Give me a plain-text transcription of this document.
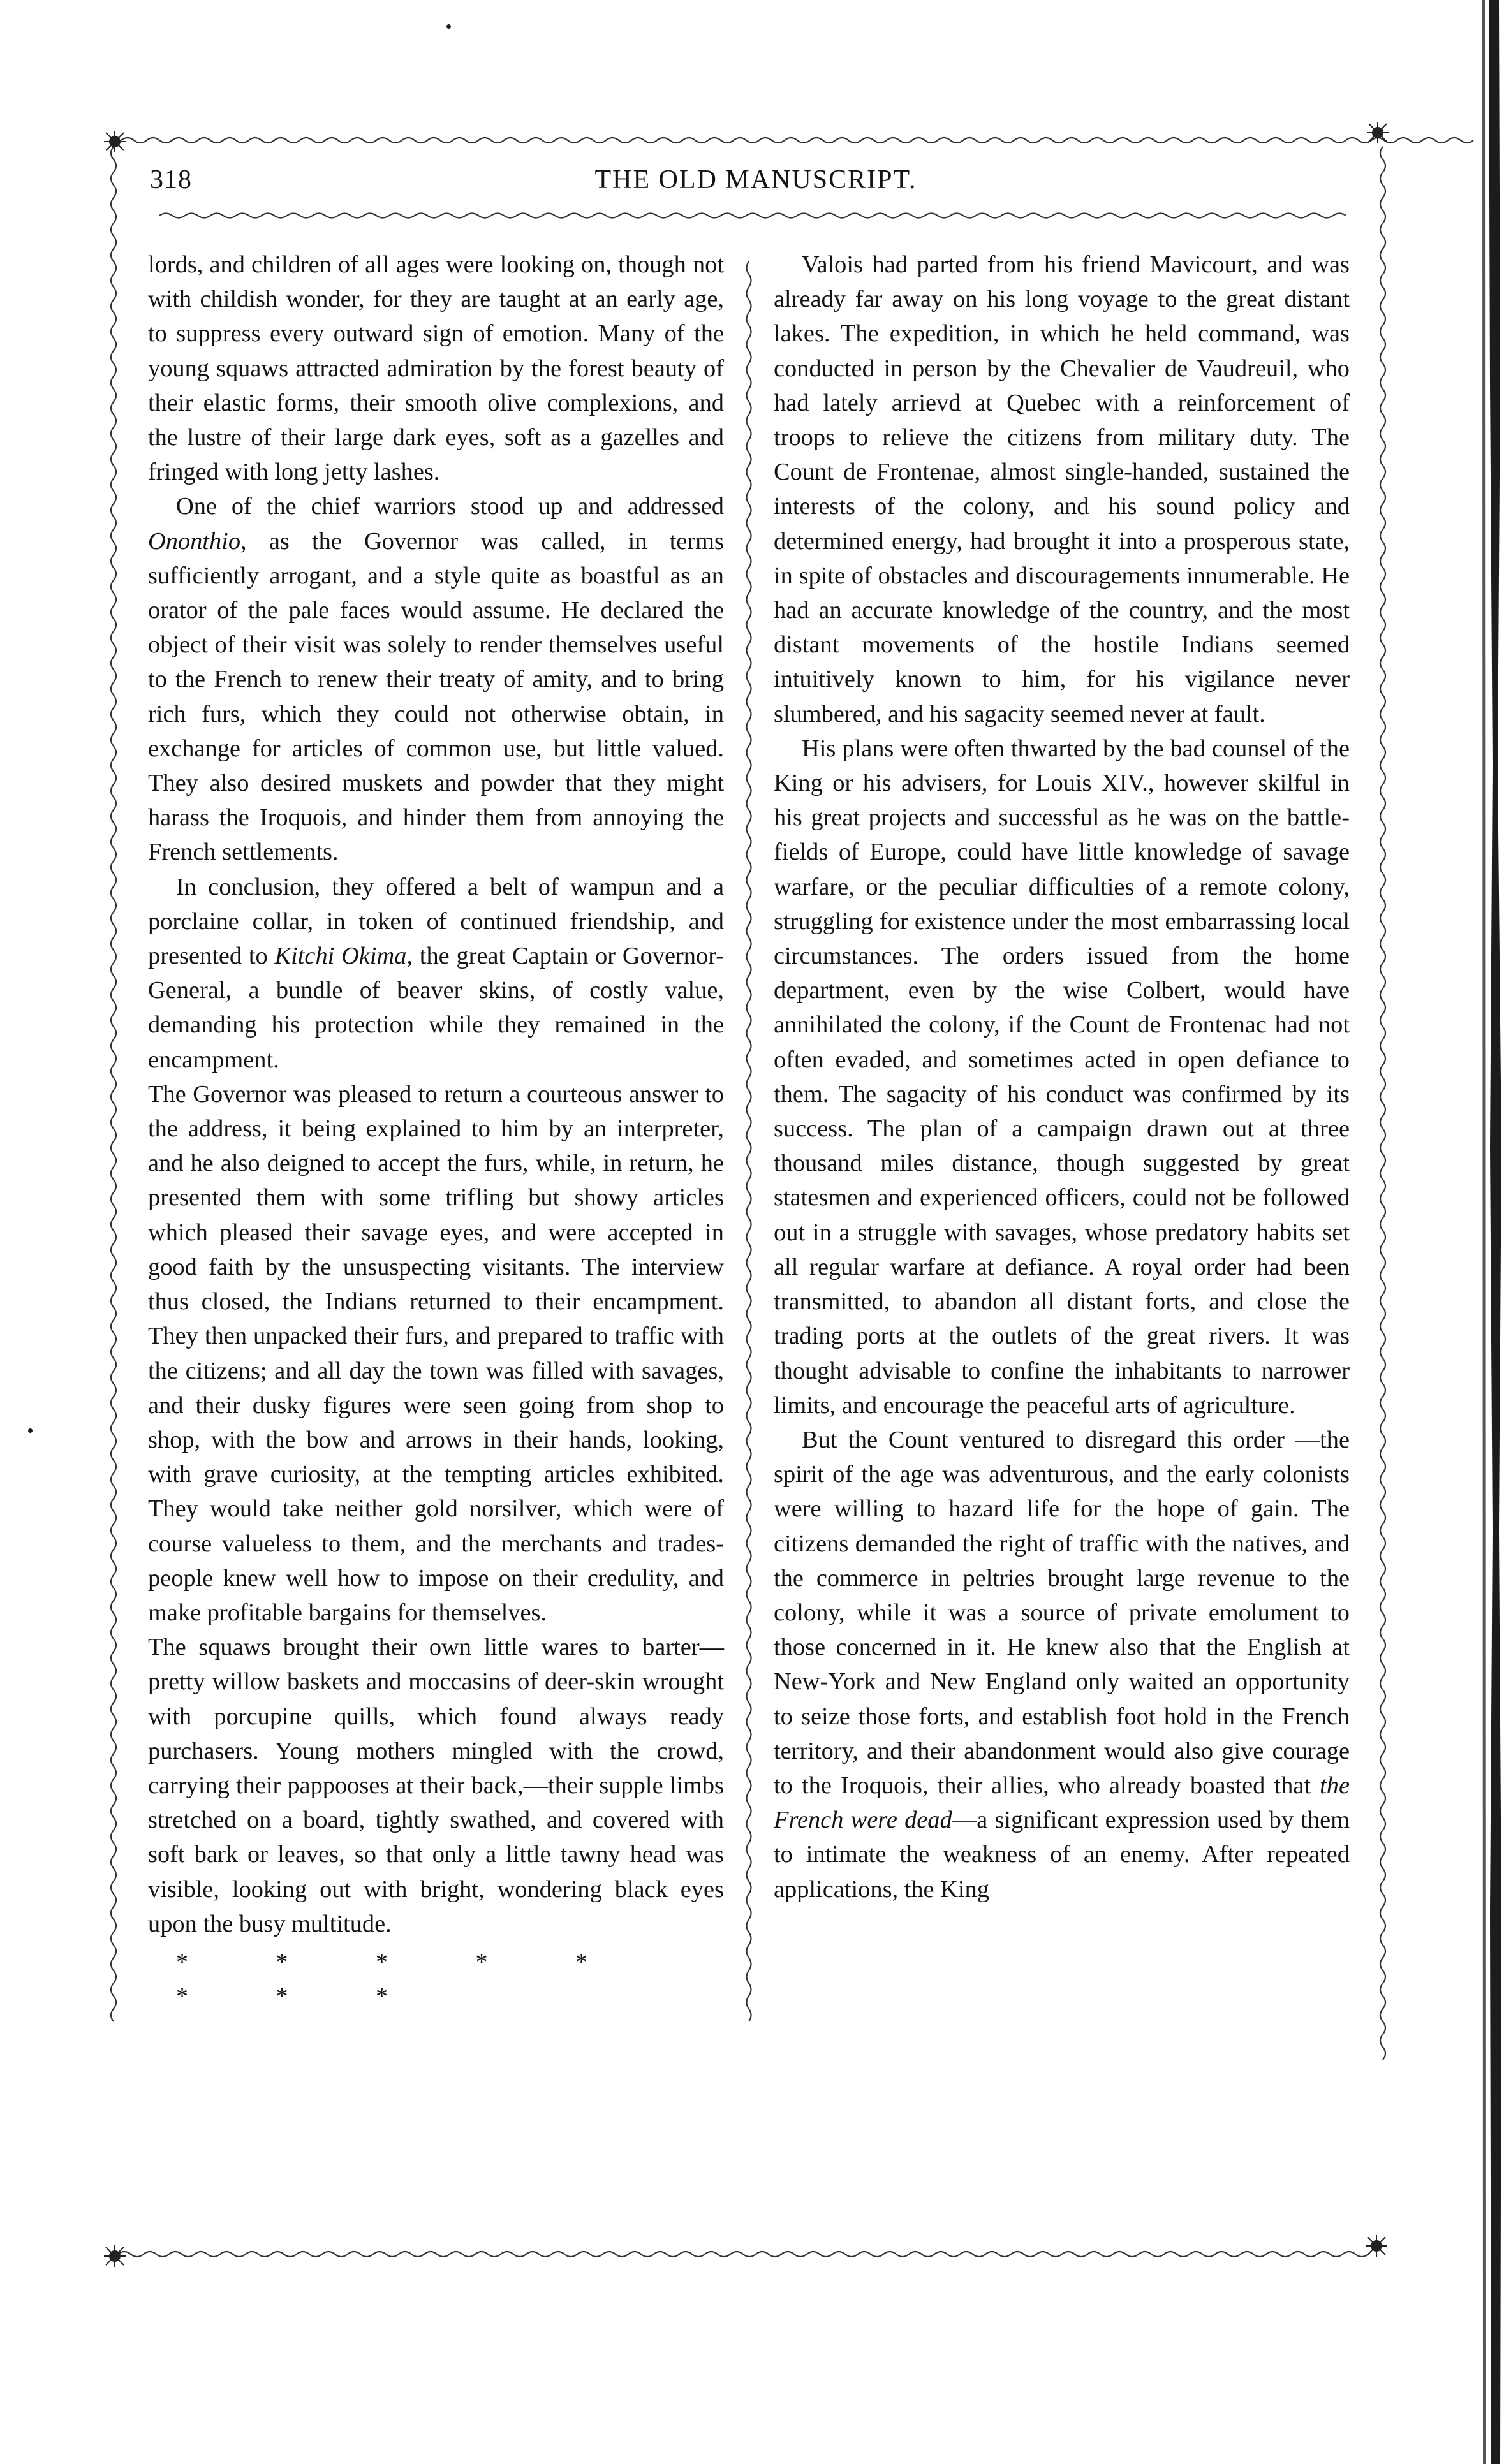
318	THE OLD MANUSCRIPT.

lords, and children of all ages were looking on, though not with childish wonder, for they are taught at an early age, to suppress every outward sign of emotion. Many of the young squaws attracted admiration by the forest beauty of their elastic forms, their smooth olive complexions, and the lustre of their large dark eyes, soft as a gazelles and fringed with long jetty lashes.

One of the chief warriors stood up and addressed Ononthio, as the Governor was called, in terms sufficiently arrogant, and a style quite as boastful as an orator of the pale faces would assume. He declared the object of their visit was solely to render themselves useful to the French to renew their treaty of amity, and to bring rich furs, which they could not otherwise obtain, in exchange for articles of common use, but little valued. They also desired muskets and powder that they might harass the Iroquois, and hinder them from annoying the French settlements.

In conclusion, they offered a belt of wampun and a porclaine collar, in token of continued friendship, and presented to Kitchi Okima, the great Captain or Governor-General, a bundle of beaver skins, of costly value, demanding his protection while they remained in the encampment.

The Governor was pleased to return a courteous answer to the address, it being explained to him by an interpreter, and he also deigned to accept the furs, while, in return, he presented them with some trifling but showy articles which pleased their savage eyes, and were accepted in good faith by the unsuspecting visitants. The interview thus closed, the Indians returned to their encampment. They then unpacked their furs, and prepared to traffic with the citizens; and all day the town was filled with savages, and their dusky figures were seen going from shop to shop, with the bow and arrows in their hands, looking, with grave curiosity, at the tempting articles exhibited. They would take neither gold norsilver, which were of course valueless to them, and the merchants and trades-people knew well how to impose on their credulity, and make profitable bargains for themselves.

The squaws brought their own little wares to barter—pretty willow baskets and moccasins of deer-skin wrought with porcupine quills, which found always ready purchasers. Young mothers mingled with the crowd, carrying their pappooses at their back,—their supple limbs stretched on a board, tightly swathed, and covered with soft bark or leaves, so that only a little tawny head was visible, looking out with bright, wondering black eyes upon the busy multitude.

* * * * * * * *

Valois had parted from his friend Mavicourt, and was already far away on his long voyage to the great distant lakes. The expedition, in which he held command, was conducted in person by the Chevalier de Vaudreuil, who had lately arrievd at Quebec with a reinforcement of troops to relieve the citizens from military duty. The Count de Frontenae, almost single-handed, sustained the interests of the colony, and his sound policy and determined energy, had brought it into a prosperous state, in spite of obstacles and discouragements innumerable. He had an accurate knowledge of the country, and the most distant movements of the hostile Indians seemed intuitively known to him, for his vigilance never slumbered, and his sagacity seemed never at fault.

His plans were often thwarted by the bad counsel of the King or his advisers, for Louis XIV., however skilful in his great projects and successful as he was on the battle-fields of Europe, could have little knowledge of savage warfare, or the peculiar difficulties of a remote colony, struggling for existence under the most embarrassing local circumstances. The orders issued from the home department, even by the wise Colbert, would have annihilated the colony, if the Count de Frontenac had not often evaded, and sometimes acted in open defiance to them. The sagacity of his conduct was confirmed by its success. The plan of a campaign drawn out at three thousand miles distance, though suggested by great statesmen and experienced officers, could not be followed out in a struggle with savages, whose predatory habits set all regular warfare at defiance. A royal order had been transmitted, to abandon all distant forts, and close the trading ports at the outlets of the great rivers. It was thought advisable to confine the inhabitants to narrower limits, and encourage the peaceful arts of agriculture.

But the Count ventured to disregard this order —the spirit of the age was adventurous, and the early colonists were willing to hazard life for the hope of gain. The citizens demanded the right of traffic with the natives, and the commerce in peltries brought large revenue to the colony, while it was a source of private emolument to those concerned in it. He knew also that the English at New-York and New England only waited an opportunity to seize those forts, and establish foot hold in the French territory, and their abandonment would also give courage to the Iroquois, their allies, who already boasted that the French were dead—a significant expression used by them to intimate the weakness of an enemy. After repeated applications, the King
